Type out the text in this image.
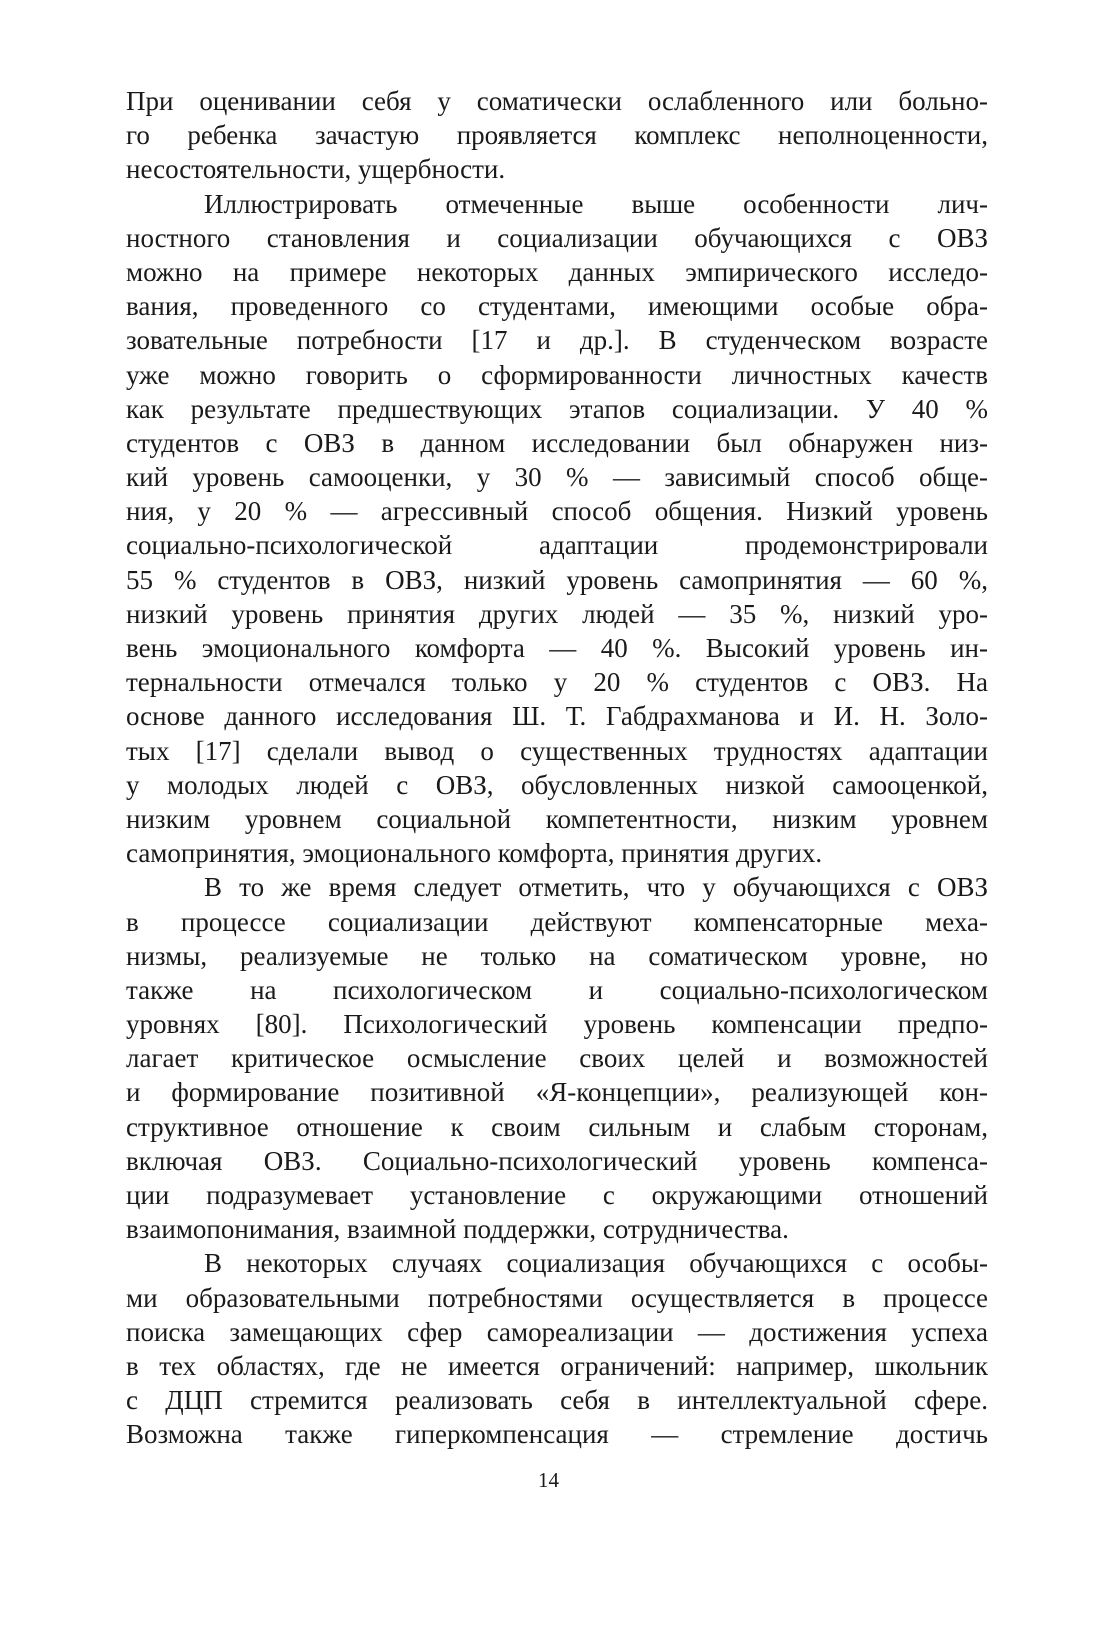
При оценивании себя у соматически ослабленного или больно-
го ребенка зачастую проявляется комплекс неполноценности,
несостоятельности, ущербности.
Иллюстрировать отмеченные выше особенности лич-
ностного становления и социализации обучающихся с ОВЗ
можно на примере некоторых данных эмпирического исследо-
вания, проведенного со студентами, имеющими особые обра-
зовательные потребности [17 и др.]. В студенческом возрасте
уже можно говорить о сформированности личностных качеств
как результате предшествующих этапов социализации. У 40 %
студентов с ОВЗ в данном исследовании был обнаружен низ-
кий уровень самооценки, у 30 % — зависимый способ обще-
ния, у 20 % — агрессивный способ общения. Низкий уровень
социально-психологической адаптации продемонстрировали
55 % студентов в ОВЗ, низкий уровень самопринятия — 60 %,
низкий уровень принятия других людей — 35 %, низкий уро-
вень эмоционального комфорта — 40 %. Высокий уровень ин-
тернальности отмечался только у 20 % студентов с ОВЗ. На
основе данного исследования Ш. Т. Габдрахманова и И. Н. Золо-
тых [17] сделали вывод о существенных трудностях адаптации
у молодых людей с ОВЗ, обусловленных низкой самооценкой,
низким уровнем социальной компетентности, низким уровнем
самопринятия, эмоционального комфорта, принятия других.
В то же время следует отметить, что у обучающихся с ОВЗ
в процессе социализации действуют компенсаторные меха-
низмы, реализуемые не только на соматическом уровне, но
также на психологическом и социально-психологическом
уровнях [80]. Психологический уровень компенсации предпо-
лагает критическое осмысление своих целей и возможностей
и формирование позитивной «Я-концепции», реализующей кон-
структивное отношение к своим сильным и слабым сторонам,
включая ОВЗ. Социально-психологический уровень компенса-
ции подразумевает установление с окружающими отношений
взаимопонимания, взаимной поддержки, сотрудничества.
В некоторых случаях социализация обучающихся с особы-
ми образовательными потребностями осуществляется в процессе
поиска замещающих сфер самореализации — достижения успеха
в тех областях, где не имеется ограничений: например, школьник
с ДЦП стремится реализовать себя в интеллектуальной сфере.
Возможна также гиперкомпенсация — стремление достичь
14
